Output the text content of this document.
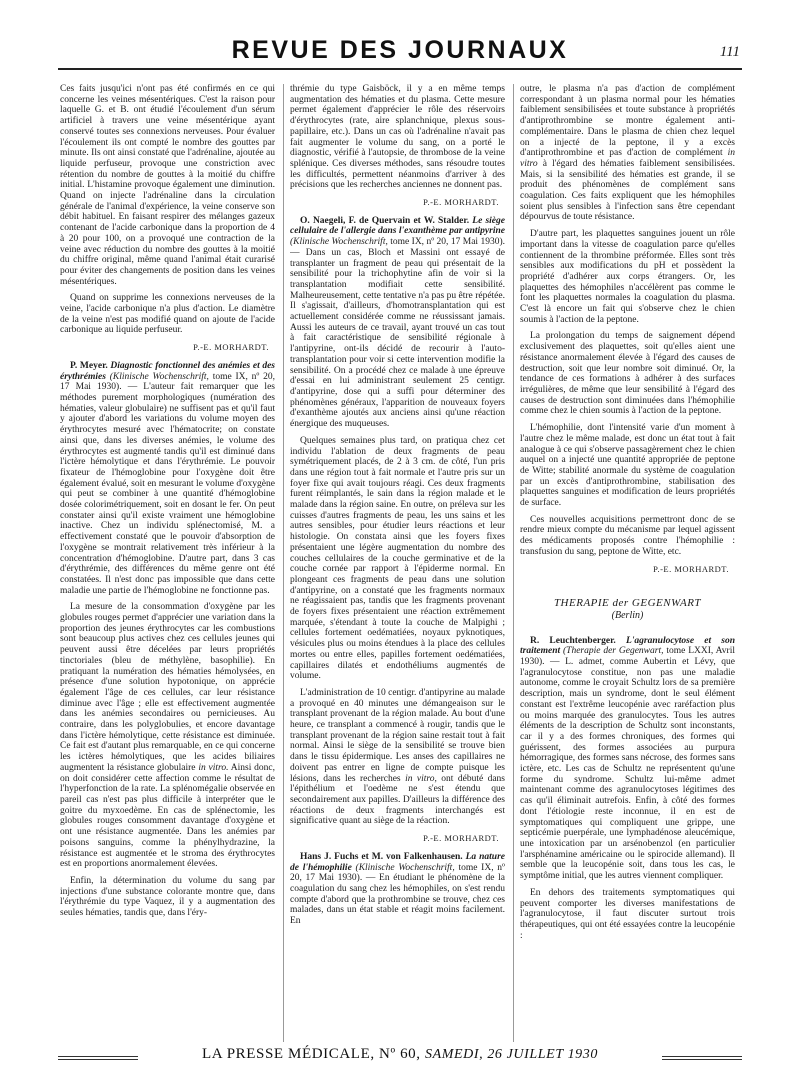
REVUE DES JOURNAUX	111

Ces faits jusqu'ici n'ont pas été confirmés en ce qui concerne les veines mésentériques. C'est la raison pour laquelle G. et B. ont étudié l'écoulement d'un sérum artificiel à travers une veine mésentérique ayant conservé toutes ses connexions nerveuses. Pour évaluer l'écoulement ils ont compté le nombre des gouttes par minute. Ils ont ainsi constaté que l'adrénaline, ajoutée au liquide perfuseur, provoque une constriction avec rétention du nombre de gouttes à la moitié du chiffre initial. L'histamine provoque également une diminution. Quand on injecte l'adrénaline dans la circulation générale de l'animal d'expérience, la veine conserve son débit habituel. En faisant respirer des mélanges gazeux contenant de l'acide carbonique dans la proportion de 4 à 20 pour 100, on a provoqué une contraction de la veine avec réduction du nombre des gouttes à la moitié du chiffre original, même quand l'animal était curarisé pour éviter des changements de position dans les veines mésentériques.

Quand on supprime les connexions nerveuses de la veine, l'acide carbonique n'a plus d'action. Le diamètre de la veine n'est pas modifié quand on ajoute de l'acide carbonique au liquide perfuseur.

P.-E. MORHARDT.

P. Meyer. Diagnostic fonctionnel des anémies et des érythrémies (Klinische Wochenschrift, tome IX, nº 20, 17 Mai 1930). — L'auteur fait remarquer que les méthodes purement morphologiques (numération des hématies, valeur globulaire) ne suffisent pas et qu'il faut y ajouter d'abord les variations du volume moyen des érythrocytes mesuré avec l'hématocrite; on constate ainsi que, dans les diverses anémies, le volume des érythrocytes est augmenté tandis qu'il est diminué dans l'ictère hémolytique et dans l'érythrémie. Le pouvoir fixateur de l'hémoglobine pour l'oxygène doit être également évalué, soit en mesurant le volume d'oxygène qui peut se combiner à une quantité d'hémoglobine dosée colorimétriquement, soit en dosant le fer. On peut constater ainsi qu'il existe vraiment une hémoglobine inactive. Chez un individu splénectomisé, M. a effectivement constaté que le pouvoir d'absorption de l'oxygène se montrait relativement très inférieur à la concentration d'hémoglobine. D'autre part, dans 3 cas d'érythrémie, des différences du même genre ont été constatées. Il n'est donc pas impossible que dans cette maladie une partie de l'hémoglobine ne fonctionne pas.

La mesure de la consommation d'oxygène par les globules rouges permet d'apprécier une variation dans la proportion des jeunes érythrocytes car les combustions sont beaucoup plus actives chez ces cellules jeunes qui peuvent aussi être décelées par leurs propriétés tinctoriales (bleu de méthylène, basophilie). En pratiquant la numération des hématies hémolysées, en présence d'une solution hypotonique, on apprécie également l'âge de ces cellules, car leur résistance diminue avec l'âge ; elle est effectivement augmentée dans les anémies secondaires ou pernicieuses. Au contraire, dans les polyglobulies, et encore davantage dans l'ictère hémolytique, cette résistance est diminuée. Ce fait est d'autant plus remarquable, en ce qui concerne les ictères hémolytiques, que les acides biliaires augmentent la résistance globulaire in vitro. Ainsi donc, on doit considérer cette affection comme le résultat de l'hyperfonction de la rate. La splénomégalie observée en pareil cas n'est pas plus difficile à interpréter que le goitre du myxoedème. En cas de splénectomie, les globules rouges consomment davantage d'oxygène et ont une résistance augmentée. Dans les anémies par poisons sanguins, comme la phénylhydrazine, la résistance est augmentée et le stroma des érythrocytes est en proportions anormalement élevées.

Enfin, la détermination du volume du sang par injections d'une substance colorante montre que, dans l'érythrémie du type Vaquez, il y a augmentation des seules hématies, tandis que, dans l'éry-

thrémie du type Gaisböck, il y a en même temps augmentation des hématies et du plasma. Cette mesure permet également d'apprécier le rôle des réservoirs d'érythrocytes (rate, aire splanchnique, plexus sous-papillaire, etc.). Dans un cas où l'adrénaline n'avait pas fait augmenter le volume du sang, on a porté le diagnostic, vérifié à l'autopsie, de thrombose de la veine splénique. Ces diverses méthodes, sans résoudre toutes les difficultés, permettent néanmoins d'arriver à des précisions que les recherches anciennes ne donnent pas.

P.-E. MORHARDT.

O. Naegeli, F. de Quervain et W. Stalder. Le siège cellulaire de l'allergie dans l'exanthème par antipyrine (Klinische Wochenschrift, tome IX, nº 20, 17 Mai 1930). — Dans un cas, Bloch et Massini ont essayé de transplanter un fragment de peau qui présentait de la sensibilité pour la trichophytine afin de voir si la transplantation modifiait cette sensibilité. Malheureusement, cette tentative n'a pas pu être répétée. Il s'agissait, d'ailleurs, d'homotransplantation qui est actuellement considérée comme ne réussissant jamais. Aussi les auteurs de ce travail, ayant trouvé un cas tout à fait caractéristique de sensibilité régionale à l'antipyrine, ont-ils décidé de recourir à l'auto-transplantation pour voir si cette intervention modifie la sensibilité. On a procédé chez ce malade à une épreuve d'essai en lui administrant seulement 25 centigr. d'antipyrine, dose qui a suffi pour déterminer des phénomènes généraux, l'apparition de nouveaux foyers d'exanthème ajoutés aux anciens ainsi qu'une réaction énergique des muqueuses.

Quelques semaines plus tard, on pratiqua chez cet individu l'ablation de deux fragments de peau symétriquement placés, de 2 à 3 cm. de côté, l'un pris dans une région tout à fait normale et l'autre pris sur un foyer fixe qui avait toujours réagi. Ces deux fragments furent réimplantés, le sain dans la région malade et le malade dans la région saine. En outre, on préleva sur les cuisses d'autres fragments de peau, les uns sains et les autres sensibles, pour étudier leurs réactions et leur histologie. On constata ainsi que les foyers fixes présentaient une légère augmentation du nombre des couches cellulaires de la couche germinative et de la couche cornée par rapport à l'épiderme normal. En plongeant ces fragments de peau dans une solution d'antipyrine, on a constaté que les fragments normaux ne réagissaient pas, tandis que les fragments provenant de foyers fixes présentaient une réaction extrêmement marquée, s'étendant à toute la couche de Malpighi ; cellules fortement oedématiées, noyaux pyknotiques, vésicules plus ou moins étendues à la place des cellules mortes ou entre elles, papilles fortement oedématiées, capillaires dilatés et endothéliums augmentés de volume.

L'administration de 10 centigr. d'antipyrine au malade a provoqué en 40 minutes une démangeaison sur le transplant provenant de la région malade. Au bout d'une heure, ce transplant a commencé à rougir, tandis que le transplant provenant de la région saine restait tout à fait normal. Ainsi le siège de la sensibilité se trouve bien dans le tissu épidermique. Les anses des capillaires ne doivent pas entrer en ligne de compte puisque les lésions, dans les recherches in vitro, ont débuté dans l'épithélium et l'oedème ne s'est étendu que secondairement aux papilles. D'ailleurs la différence des réactions de deux fragments interchangés est significative quant au siège de la réaction.

P.-E. MORHARDT.

Hans J. Fuchs et M. von Falkenhausen. La nature de l'hémophilie (Klinische Wochenschrift, tome IX, nº 20, 17 Mai 1930). — En étudiant le phénomène de la coagulation du sang chez les hémophiles, on s'est rendu compte d'abord que la prothrombine se trouve, chez ces malades, dans un état stable et réagit moins facilement. En

outre, le plasma n'a pas d'action de complément correspondant à un plasma normal pour les hématies faiblement sensibilisées et toute substance à propriétés d'antiprothrombine se montre également anti-complémentaire. Dans le plasma de chien chez lequel on a injecté de la peptone, il y a excès d'antiprothrombine et pas d'action de complément in vitro à l'égard des hématies faiblement sensibilisées. Mais, si la sensibilité des hématies est grande, il se produit des phénomènes de complément sans coagulation. Ces faits expliquent que les hémophiles soient plus sensibles à l'infection sans être cependant dépourvus de toute résistance.

D'autre part, les plaquettes sanguines jouent un rôle important dans la vitesse de coagulation parce qu'elles contiennent de la thrombine préformée. Elles sont très sensibles aux modifications du pH et possèdent la propriété d'adhérer aux corps étrangers. Or, les plaquettes des hémophiles n'accélèrent pas comme le font les plaquettes normales la coagulation du plasma. C'est là encore un fait qui s'observe chez le chien soumis à l'action de la peptone.

La prolongation du temps de saignement dépend exclusivement des plaquettes, soit qu'elles aient une résistance anormalement élevée à l'égard des causes de destruction, soit que leur nombre soit diminué. Or, la tendance de ces formations à adhérer à des surfaces irrégulières, de même que leur sensibilité à l'égard des causes de destruction sont diminuées dans l'hémophilie comme chez le chien soumis à l'action de la peptone.

L'hémophilie, dont l'intensité varie d'un moment à l'autre chez le même malade, est donc un état tout à fait analogue à ce qui s'observe passagèrement chez le chien auquel on a injecté une quantité appropriée de peptone de Witte; stabilité anormale du système de coagulation par un excès d'antiprothrombine, stabilisation des plaquettes sanguines et modification de leurs propriétés de surface.

Ces nouvelles acquisitions permettront donc de se rendre mieux compte du mécanisme par lequel agissent des médicaments proposés contre l'hémophilie : transfusion du sang, peptone de Witte, etc.

P.-E. MORHARDT.
THERAPIE der GEGENWART
(Berlin)

R. Leuchtenberger. L'agranulocytose et son traitement (Therapie der Gegenwart, tome LXXI, Avril 1930). — L. admet, comme Aubertin et Lévy, que l'agranulocytose constitue, non pas une maladie autonome, comme le croyait Schultz lors de sa première description, mais un syndrome, dont le seul élément constant est l'extrême leucopénie avec raréfaction plus ou moins marquée des granulocytes. Tous les autres éléments de la description de Schultz sont inconstants, car il y a des formes chroniques, des formes qui guérissent, des formes associées au purpura hémorragique, des formes sans nécrose, des formes sans ictère, etc. Les cas de Schultz ne représentent qu'une forme du syndrome. Schultz lui-même admet maintenant comme des agranulocytoses légitimes des cas qu'il éliminait autrefois. Enfin, à côté des formes dont l'étiologie reste inconnue, il en est de symptomatiques qui compliquent une grippe, une septicémie puerpérale, une lymphadénose aleucémique, une intoxication par un arsénobenzol (en particulier l'arsphénamine américaine ou le spirocide allemand). Il semble que la leucopénie soit, dans tous les cas, le symptôme initial, que les autres viennent compliquer.

En dehors des traitements symptomatiques qui peuvent comporter les diverses manifestations de l'agranulocytose, il faut discuter surtout trois thérapeutiques, qui ont été essayées contre la leucopénie :

LA PRESSE MÉDICALE, Nº 60, SAMEDI, 26 JUILLET 1930
